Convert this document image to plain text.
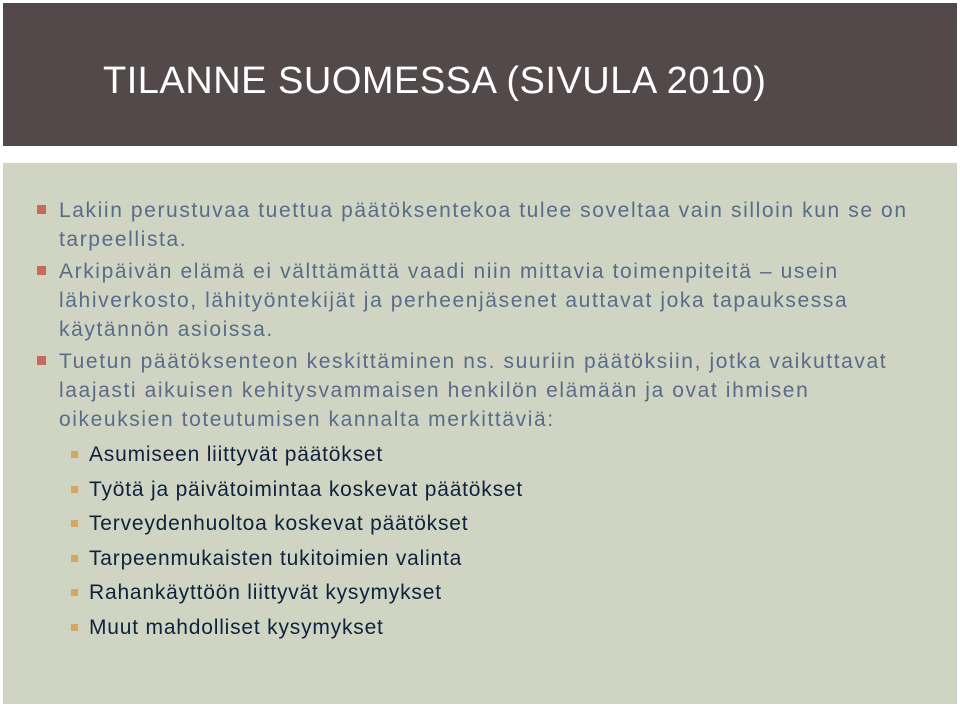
TILANNE SUOMESSA (SIVULA 2010)
Lakiin perustuvaa tuettua päätöksentekoa tulee soveltaa vain silloin kun se on tarpeellista.
Arkipäivän elämä ei välttämättä vaadi niin mittavia toimenpiteitä – usein lähiverkosto, lähityöntekijät ja perheenjäsenet auttavat joka tapauksessa käytännön asioissa.
Tuetun päätöksenteon keskittäminen ns. suuriin päätöksiin, jotka vaikuttavat laajasti aikuisen kehitysvammaisen henkilön elämään ja ovat ihmisen oikeuksien toteutumisen kannalta merkittäviä:
Asumiseen liittyvät päätökset
Työtä ja päivätoimintaa koskevat päätökset
Terveydenhuoltoa koskevat päätökset
Tarpeenmukaisten tukitoimien valinta
Rahankäyttöön liittyvät kysymykset
Muut mahdolliset kysymykset
